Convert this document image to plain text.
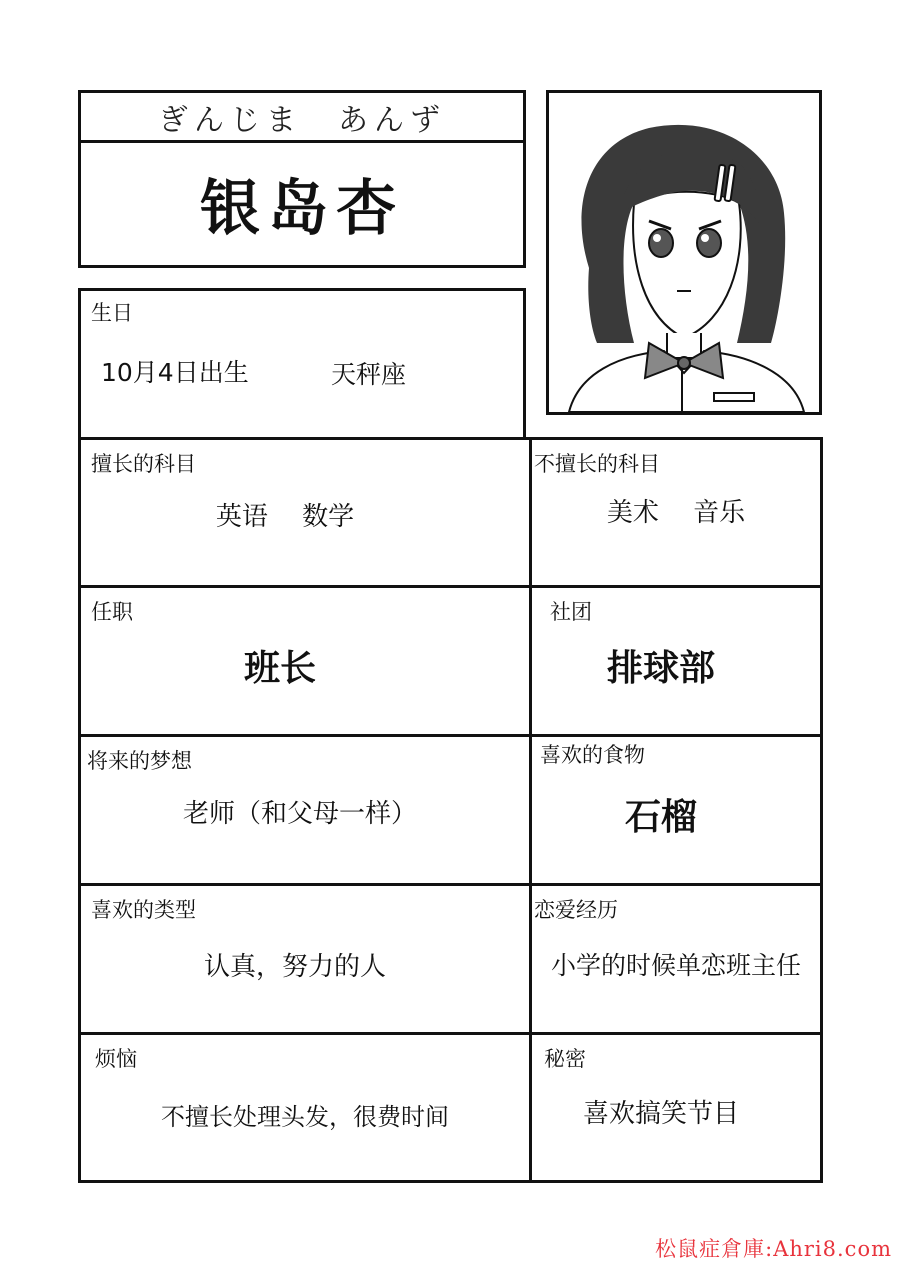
ぎんじま　あんず
银岛杏
生日
10月4日出生	天秤座
擅长的科目
英语　 数学
不擅长的科目
美术　 音乐
任职
班长
社团
排球部
将来的梦想
老师（和父母一样）
喜欢的食物
石榴
喜欢的类型
认真，努力的人
恋爱经历
小学的时候单恋班主任
烦恼
不擅长处理头发，很费时间
秘密
喜欢搞笑节目
松鼠症倉庫:Ahri8.com
